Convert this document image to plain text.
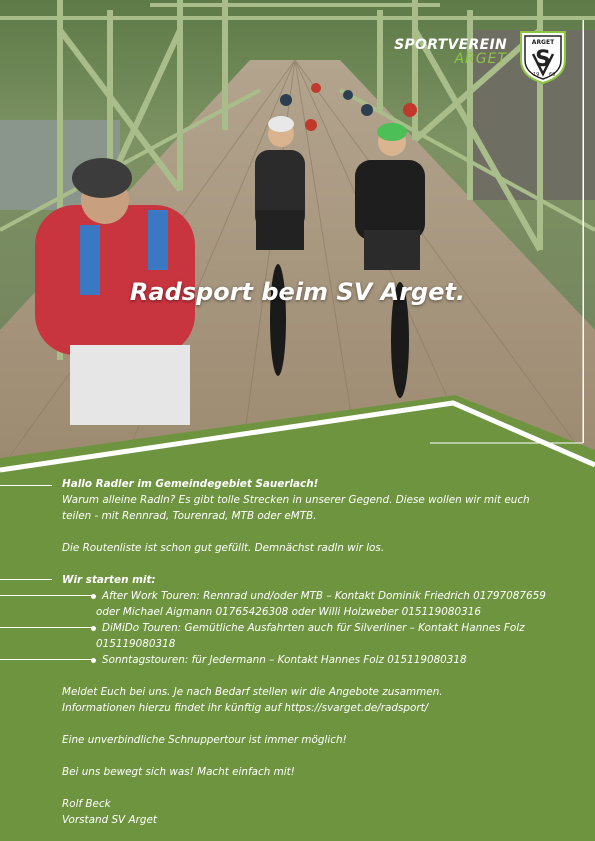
SPORTVEREIN
ARGET
ARGET
S
19 60
Radsport beim SV Arget.

Hallo Radler im Gemeindegebiet Sauerlach!

Warum alleine Radln? Es gibt tolle Strecken in unserer Gegend. Diese wollen wir mit euch

teilen - mit Rennrad, Tourenrad, MTB oder eMTB.

Die Routenliste ist schon gut gefüllt. Demnächst radln wir los.

Wir starten mit:

After Work Touren: Rennrad und/oder MTB – Kontakt Dominik Friedrich 01797087659

oder Michael Aigmann 01765426308 oder Willi Holzweber 015119080316

DiMiDo Touren: Gemütliche Ausfahrten auch für Silverliner – Kontakt Hannes Folz

015119080318

Sonntagstouren: für Jedermann – Kontakt Hannes Folz 015119080318

Meldet Euch bei uns. Je nach Bedarf stellen wir die Angebote zusammen.

Informationen hierzu findet ihr künftig auf https://svarget.de/radsport/

Eine unverbindliche Schnuppertour ist immer möglich!

Bei uns bewegt sich was! Macht einfach mit!

Rolf Beck

Vorstand SV Arget
